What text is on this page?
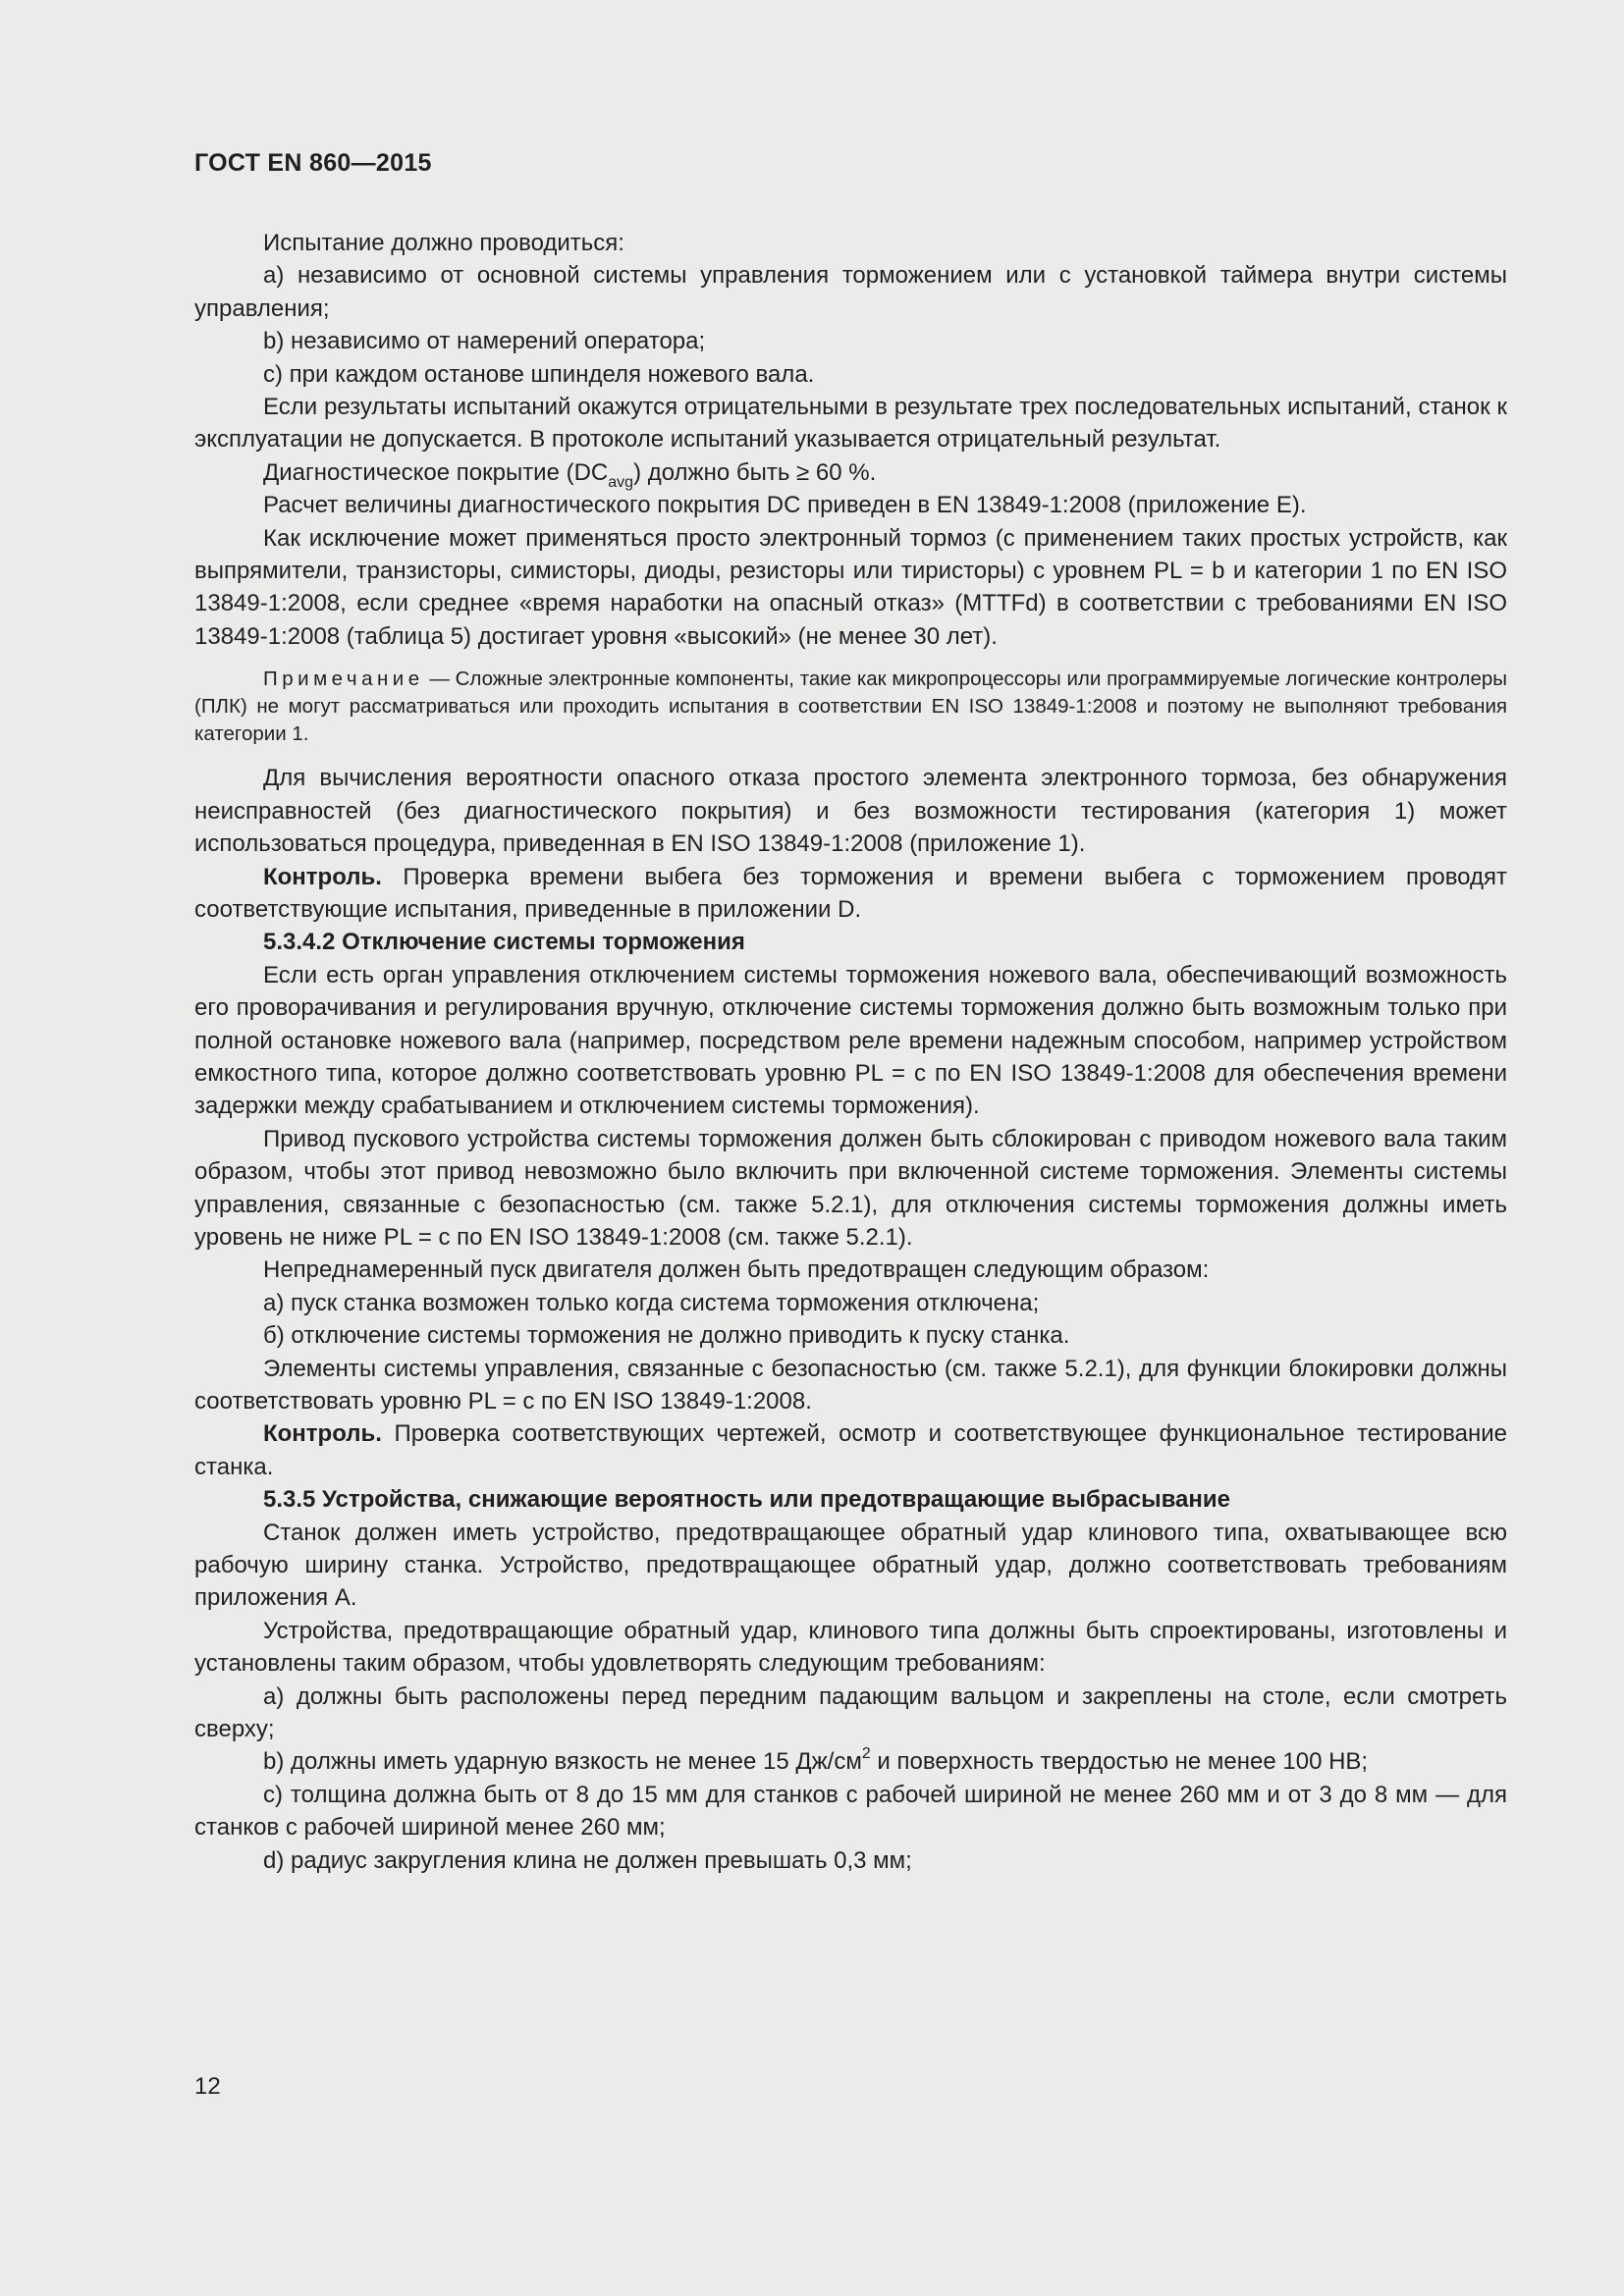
ГОСТ EN 860—2015

Испытание должно проводиться:

a) независимо от основной системы управления торможением или с установкой таймера внутри системы управления;

b) независимо от намерений оператора;

c) при каждом останове шпинделя ножевого вала.

Если результаты испытаний окажутся отрицательными в результате трех последовательных испытаний, станок к эксплуатации не допускается. В протоколе испытаний указывается отрицательный результат.

Диагностическое покрытие $(DC_{avg})$ должно быть ≥ 60 %.

Расчет величины диагностического покрытия DC приведен в EN 13849-1:2008 (приложение E).

Как исключение может применяться просто электронный тормоз (с применением таких простых устройств, как выпрямители, транзисторы, симисторы, диоды, резисторы или тиристоры) с уровнем PL = b и категории 1 по EN ISO 13849-1:2008, если среднее «время наработки на опасный отказ» (MTTFd) в соответствии с требованиями EN ISO 13849-1:2008 (таблица 5) достигает уровня «высокий» (не менее 30 лет).

Примечание — Сложные электронные компоненты, такие как микропроцессоры или программируемые логические контролеры (ПЛК) не могут рассматриваться или проходить испытания в соответствии EN ISO 13849-1:2008 и поэтому не выполняют требования категории 1.

Для вычисления вероятности опасного отказа простого элемента электронного тормоза, без обнаружения неисправностей (без диагностического покрытия) и без возможности тестирования (категория 1) может использоваться процедура, приведенная в EN ISO 13849-1:2008 (приложение 1).

Контроль. Проверка времени выбега без торможения и времени выбега с торможением проводят соответствующие испытания, приведенные в приложении D.

5.3.4.2 Отключение системы торможения

Если есть орган управления отключением системы торможения ножевого вала, обеспечивающий возможность его проворачивания и регулирования вручную, отключение системы торможения должно быть возможным только при полной остановке ножевого вала (например, посредством реле времени надежным способом, например устройством емкостного типа, которое должно соответствовать уровню PL = c по EN ISO 13849-1:2008 для обеспечения времени задержки между срабатыванием и отключением системы торможения).

Привод пускового устройства системы торможения должен быть сблокирован с приводом ножевого вала таким образом, чтобы этот привод невозможно было включить при включенной системе торможения. Элементы системы управления, связанные с безопасностью (см. также 5.2.1), для отключения системы торможения должны иметь уровень не ниже PL = c по EN ISO 13849-1:2008 (см. также 5.2.1).

Непреднамеренный пуск двигателя должен быть предотвращен следующим образом:

a) пуск станка возможен только когда система торможения отключена;

б) отключение системы торможения не должно приводить к пуску станка.

Элементы системы управления, связанные с безопасностью (см. также 5.2.1), для функции блокировки должны соответствовать уровню PL = c по EN ISO 13849-1:2008.

Контроль. Проверка соответствующих чертежей, осмотр и соответствующее функциональное тестирование станка.

5.3.5 Устройства, снижающие вероятность или предотвращающие выбрасывание

Станок должен иметь устройство, предотвращающее обратный удар клинового типа, охватывающее всю рабочую ширину станка. Устройство, предотвращающее обратный удар, должно соответствовать требованиям приложения A.

Устройства, предотвращающие обратный удар, клинового типа должны быть спроектированы, изготовлены и установлены таким образом, чтобы удовлетворять следующим требованиям:

a) должны быть расположены перед передним падающим вальцом и закреплены на столе, если смотреть сверху;

b) должны иметь ударную вязкость не менее 15 $Дж/см^2$ и поверхность твердостью не менее 100 НВ;

c) толщина должна быть от 8 до 15 мм для станков с рабочей шириной не менее 260 мм и от 3 до 8 мм — для станков с рабочей шириной менее 260 мм;

d) радиус закругления клина не должен превышать 0,3 мм;

12
